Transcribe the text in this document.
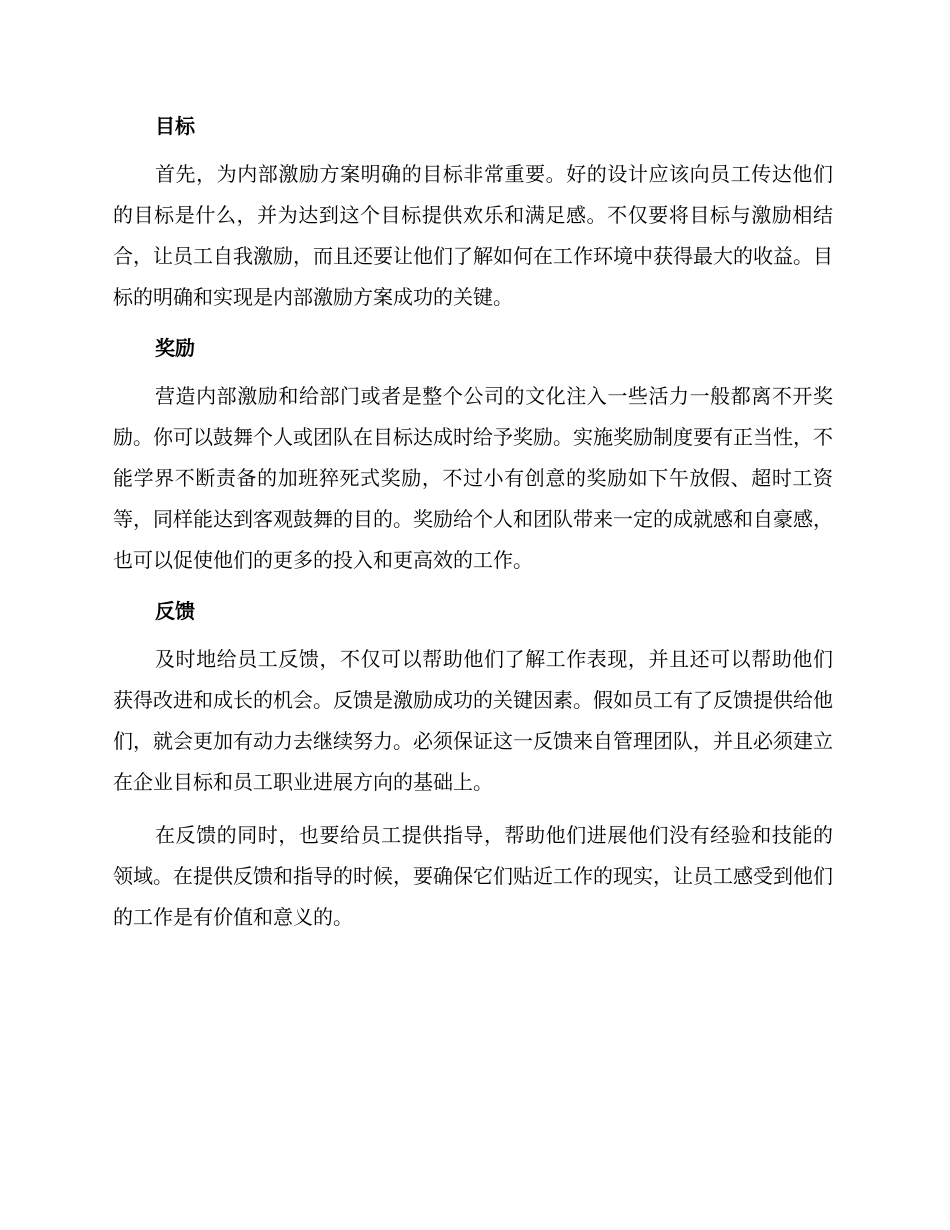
目标

首先，为内部激励方案明确的目标非常重要。好的设计应该向员工传达他们的目标是什么，并为达到这个目标提供欢乐和满足感。不仅要将目标与激励相结合，让员工自我激励，而且还要让他们了解如何在工作环境中获得最大的收益。目标的明确和实现是内部激励方案成功的关键。

奖励

营造内部激励和给部门或者是整个公司的文化注入一些活力一般都离不开奖励。你可以鼓舞个人或团队在目标达成时给予奖励。实施奖励制度要有正当性，不能学界不断责备的加班猝死式奖励，不过小有创意的奖励如下午放假、超时工资等，同样能达到客观鼓舞的目的。奖励给个人和团队带来一定的成就感和自豪感，也可以促使他们的更多的投入和更高效的工作。

反馈

及时地给员工反馈，不仅可以帮助他们了解工作表现，并且还可以帮助他们获得改进和成长的机会。反馈是激励成功的关键因素。假如员工有了反馈提供给他们，就会更加有动力去继续努力。必须保证这一反馈来自管理团队，并且必须建立在企业目标和员工职业进展方向的基础上。

在反馈的同时，也要给员工提供指导，帮助他们进展他们没有经验和技能的领域。在提供反馈和指导的时候，要确保它们贴近工作的现实，让员工感受到他们的工作是有价值和意义的。
